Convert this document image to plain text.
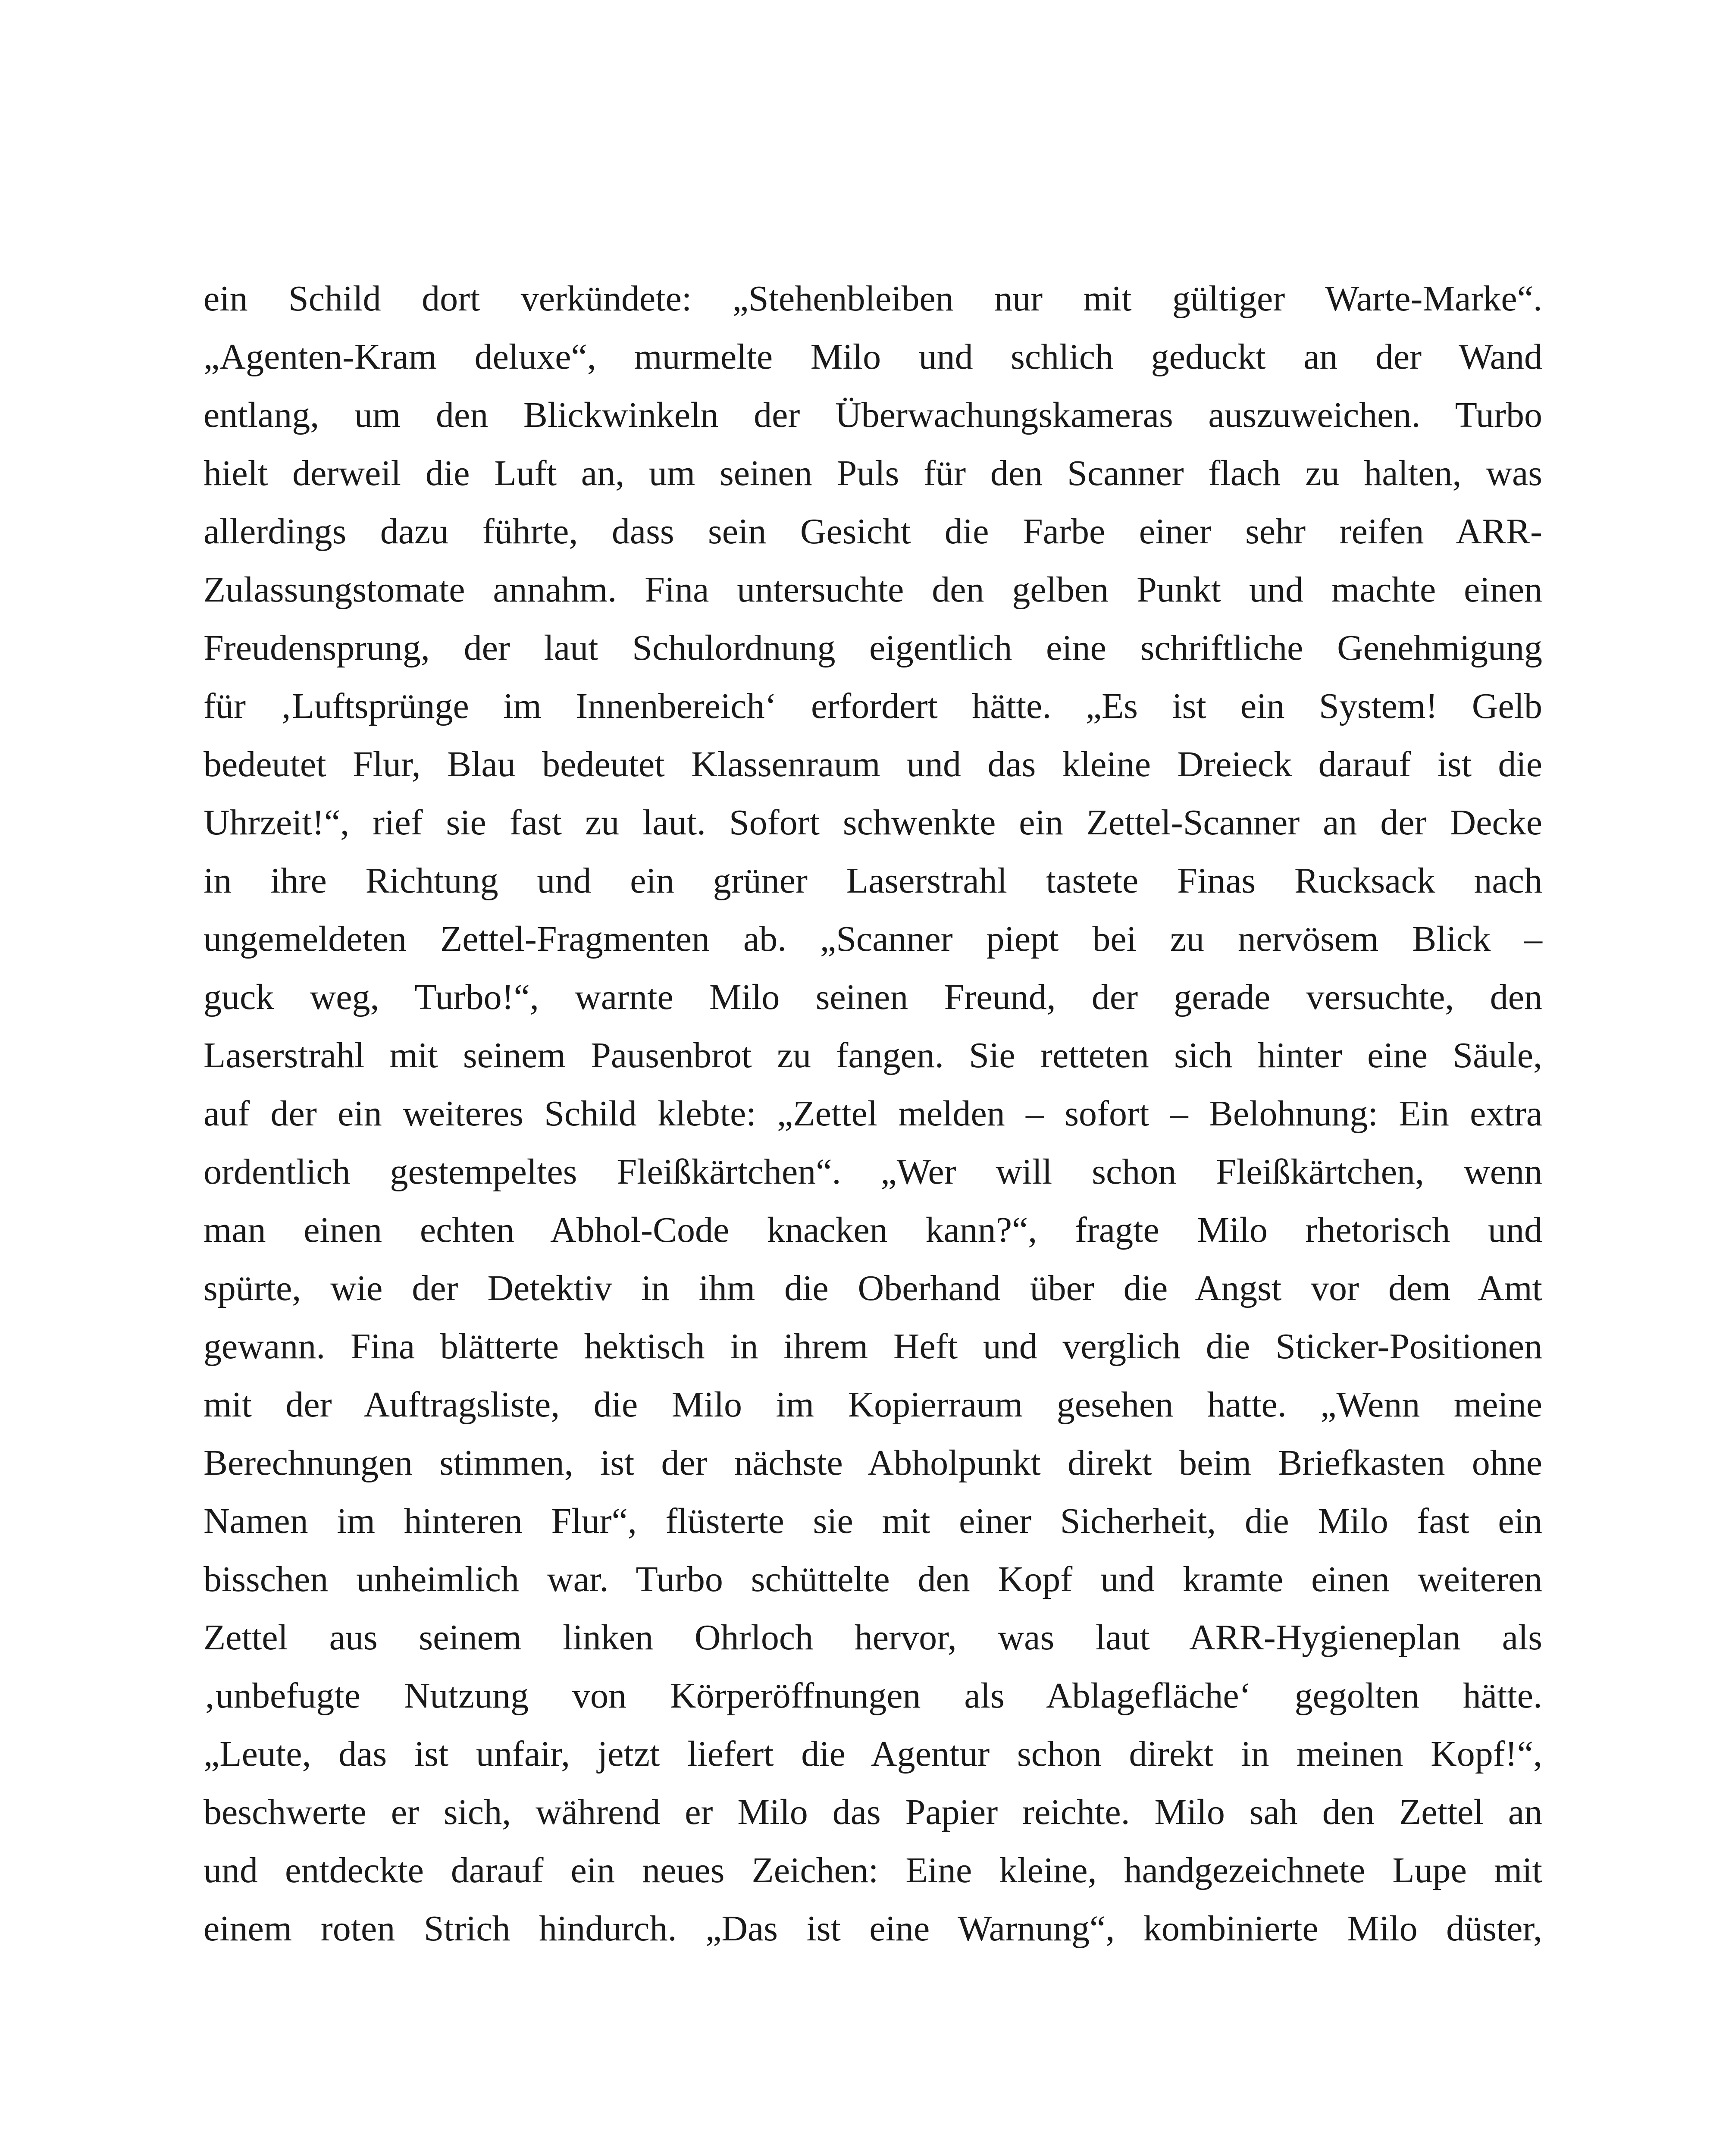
ein Schild dort verkündete: „Stehenbleiben nur mit gültiger Warte-Marke“.
„Agenten-Kram deluxe“, murmelte Milo und schlich geduckt an der Wand
entlang, um den Blickwinkeln der Überwachungskameras auszuweichen. Turbo
hielt derweil die Luft an, um seinen Puls für den Scanner flach zu halten, was
allerdings dazu führte, dass sein Gesicht die Farbe einer sehr reifen ARR-
Zulassungstomate annahm. Fina untersuchte den gelben Punkt und machte einen
Freudensprung, der laut Schulordnung eigentlich eine schriftliche Genehmigung
für ‚Luftsprünge im Innenbereich‘ erfordert hätte. „Es ist ein System! Gelb
bedeutet Flur, Blau bedeutet Klassenraum und das kleine Dreieck darauf ist die
Uhrzeit!“, rief sie fast zu laut. Sofort schwenkte ein Zettel-Scanner an der Decke
in ihre Richtung und ein grüner Laserstrahl tastete Finas Rucksack nach
ungemeldeten Zettel-Fragmenten ab. „Scanner piept bei zu nervösem Blick –
guck weg, Turbo!“, warnte Milo seinen Freund, der gerade versuchte, den
Laserstrahl mit seinem Pausenbrot zu fangen. Sie retteten sich hinter eine Säule,
auf der ein weiteres Schild klebte: „Zettel melden – sofort – Belohnung: Ein extra
ordentlich gestempeltes Fleißkärtchen“. „Wer will schon Fleißkärtchen, wenn
man einen echten Abhol-Code knacken kann?“, fragte Milo rhetorisch und
spürte, wie der Detektiv in ihm die Oberhand über die Angst vor dem Amt
gewann. Fina blätterte hektisch in ihrem Heft und verglich die Sticker-Positionen
mit der Auftragsliste, die Milo im Kopierraum gesehen hatte. „Wenn meine
Berechnungen stimmen, ist der nächste Abholpunkt direkt beim Briefkasten ohne
Namen im hinteren Flur“, flüsterte sie mit einer Sicherheit, die Milo fast ein
bisschen unheimlich war. Turbo schüttelte den Kopf und kramte einen weiteren
Zettel aus seinem linken Ohrloch hervor, was laut ARR-Hygieneplan als
‚unbefugte Nutzung von Körperöffnungen als Ablagefläche‘ gegolten hätte.
„Leute, das ist unfair, jetzt liefert die Agentur schon direkt in meinen Kopf!“,
beschwerte er sich, während er Milo das Papier reichte. Milo sah den Zettel an
und entdeckte darauf ein neues Zeichen: Eine kleine, handgezeichnete Lupe mit
einem roten Strich hindurch. „Das ist eine Warnung“, kombinierte Milo düster,
